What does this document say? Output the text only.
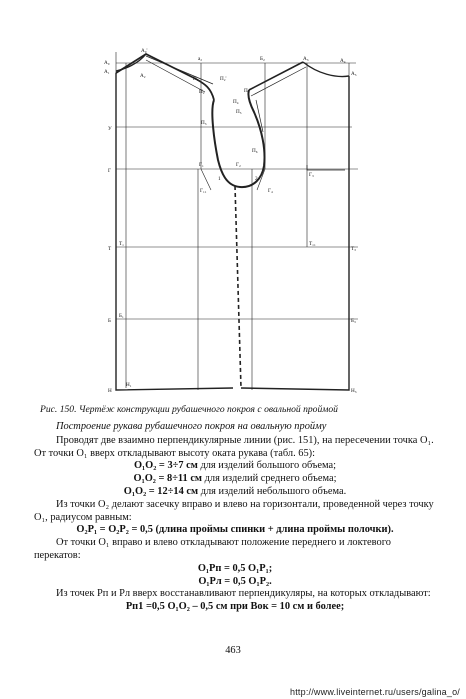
A₀'
A₀
A₁
A₂
a₂	Б₂	A₃	A₄
A₅
П₁	П₂'
П₂
П₃
П₄
П₄'
П₅
П₆
У
Г
Г₁	Г₂
Г₃
Г₄
Г₁₁
1	2
Т
Т₁	Т₁₁
Т₃
Б
Б₁
Б₃
Н
Н₁
Н₃
Рис. 150. Чертёж конструкции рубашечного покроя с овальной проймой

Построение рукава рубашечного покроя на овальную пройму

Проводят две взаимно перпендикулярные линии (рис. 151), на пересечении точка O₁. От точки O₁ вверх откладывают высоту оката рукава (табл. 65):

O₁O₂ = 3÷7 см для изделий большого объема;

O₁O₂ = 8÷11 см для изделий среднего объема;

O₁O₂ = 12÷14 см для изделий небольшого объема.

Из точки O₂ делают засечку вправо и влево на горизонтали, проведенной через точку O₁, радиусом равным:

O₂P₁ = O₂P₂ = 0,5 (длина проймы спинки + длина проймы полочки).

От точки O₁ вправо и влево откладывают положение переднего и локтевого перекатов:

O₁Pп = 0,5 O₁P₁;

O₁Pл = 0,5 O₁P₂.

Из точек Pп и Pл вверх восстанавливают перпендикуляры, на которых откладывают:

Pп1 =0,5 O₁O₂ – 0,5 см при Вок = 10 см и более;

463
http://www.liveinternet.ru/users/galina_o/
